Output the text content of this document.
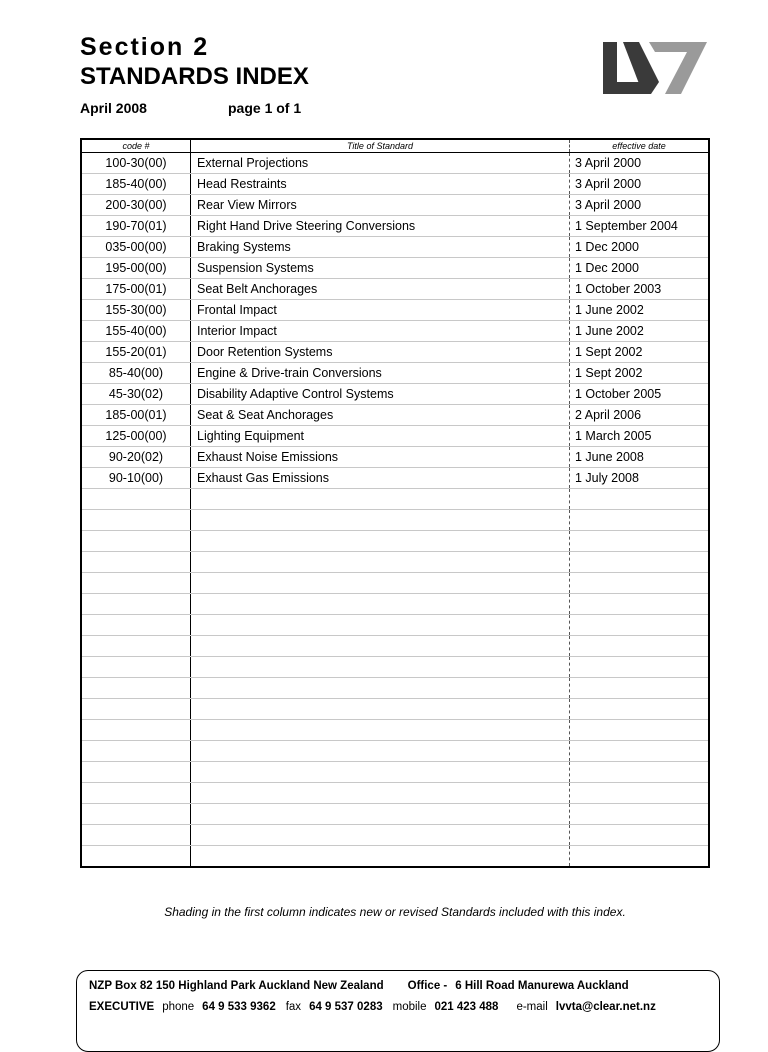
Section 2
STANDARDS INDEX
April 2008	page 1 of 1
code #	Title of Standard	effective date
100-30(00)	External Projections	3 April 2000
185-40(00)	Head Restraints	3 April 2000
200-30(00)	Rear View Mirrors	3 April 2000
190-70(01)	Right Hand Drive Steering Conversions	1 September 2004
035-00(00)	Braking Systems	1 Dec 2000
195-00(00)	Suspension Systems	1 Dec 2000
175-00(01)	Seat Belt Anchorages	1 October 2003
155-30(00)	Frontal Impact	1 June 2002
155-40(00)	Interior Impact	1 June 2002
155-20(01)	Door Retention Systems	1 Sept 2002
85-40(00)	Engine & Drive-train Conversions	1 Sept 2002
45-30(02)	Disability Adaptive Control Systems	1 October 2005
185-00(01)	Seat & Seat Anchorages	2 April 2006
125-00(00)	Lighting Equipment	1 March 2005
90-20(02)	Exhaust Noise Emissions	1 June 2008
90-10(00)	Exhaust Gas Emissions	1 July 2008

Shading in the first column indicates new or revised Standards included with this index.
NZP Box 82 150 Highland Park Auckland New Zealand Office - 6 Hill Road Manurewa Auckland
EXECUTIVE phone 64 9 533 9362 fax 64 9 537 0283 mobile 021 423 488 e-mail lvvta@clear.net.nz
